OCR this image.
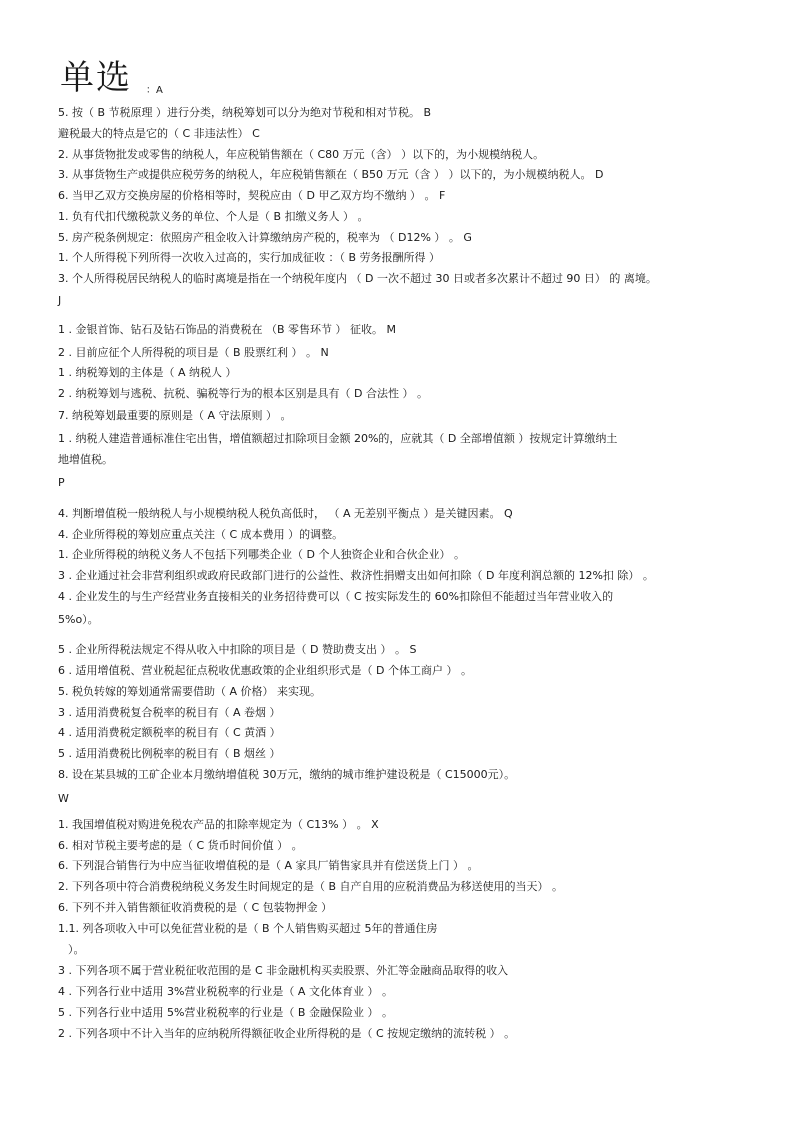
单选 ：A
5. 按（ B 节税原理 ）进行分类，纳税筹划可以分为绝对节税和相对节税。 B
避税最大的特点是它的（ C 非违法性） C
2. 从事货物批发或零售的纳税人，年应税销售额在（ C80 万元（含） ）以下的，为小规模纳税人。
3. 从事货物生产或提供应税劳务的纳税人，年应税销售额在（ B50 万元（含 ） ）以下的，为小规模纳税人。 D
6. 当甲乙双方交换房屋的价格相等时，契税应由（ D 甲乙双方均不缴纳 ） 。 F
1. 负有代扣代缴税款义务的单位、个人是（ B 扣缴义务人 ） 。
5. 房产税条例规定：依照房产租金收入计算缴纳房产税的，税率为 （ D12% ） 。 G
1. 个人所得税下列所得一次收入过高的，实行加成征收 ：（ B 劳务报酬所得 ）
3. 个人所得税居民纳税人的临时离境是指在一个纳税年度内 （ D 一次不超过 30 日或者多次累计不超过 90 日） 的 离境。
J
1 . 金银首饰、钻石及钻石饰品的消费税在 （B 零售环节 ） 征收。 M
2 . 目前应征个人所得税的项目是（ B 股票红利 ） 。 N
1 . 纳税筹划的主体是（ A 纳税人 ）
2 . 纳税筹划与逃税、抗税、骗税等行为的根本区别是具有（ D 合法性 ） 。
7. 纳税筹划最重要的原则是（ A 守法原则 ） 。
1 . 纳税人建造普通标准住宅出售，增值额超过扣除项目金额 20%的，应就其（ D 全部增值额 ）按规定计算缴纳土
地增值税。
P
4. 判断增值税一般纳税人与小规模纳税人税负高低时， （ A 无差别平衡点 ）是关键因素。 Q
4. 企业所得税的筹划应重点关注（ C 成本费用 ）的调整。
1. 企业所得税的纳税义务人不包括下列哪类企业（ D 个人独资企业和合伙企业） 。
3 . 企业通过社会非营利组织或政府民政部门进行的公益性、救济性捐赠支出如何扣除（ D 年度利润总额的 12%扣 除） 。
4 . 企业发生的与生产经营业务直接相关的业务招待费可以（ C 按实际发生的 60%扣除但不能超过当年营业收入的
5%o）。
5 . 企业所得税法规定不得从收入中扣除的项目是（ D 赞助费支出 ） 。 S
6 . 适用增值税、营业税起征点税收优惠政策的企业组织形式是（ D 个体工商户 ） 。
5. 税负转嫁的筹划通常需要借助（ A 价格） 来实现。
3 . 适用消费税复合税率的税目有（ A 卷烟 ）
4 . 适用消费税定额税率的税目有（ C 黄酒 ）
5 . 适用消费税比例税率的税目有（ B 烟丝 ）
8. 设在某县城的工矿企业本月缴纳增值税 30万元，缴纳的城市维护建设税是（ C15000元）。
W
1. 我国增值税对购进免税农产品的扣除率规定为（ C13% ） 。 X
6. 相对节税主要考虑的是（ C 货币时间价值 ） 。
6. 下列混合销售行为中应当征收增值税的是（ A 家具厂销售家具并有偿送货上门 ） 。
2. 下列各项中符合消费税纳税义务发生时间规定的是（ B 自产自用的应税消费品为移送使用的当天） 。
6. 下列不并入销售额征收消费税的是（ C 包装物押金 ）
1.1. 列各项收入中可以免征营业税的是（ B 个人销售购买超过 5年的普通住房
）。
3 . 下列各项不属于营业税征收范围的是 C 非金融机构买卖股票、外汇等金融商品取得的收入
4 . 下列各行业中适用 3%营业税税率的行业是（ A 文化体育业 ） 。
5 . 下列各行业中适用 5%营业税税率的行业是（ B 金融保险业 ） 。
2 . 下列各项中不计入当年的应纳税所得额征收企业所得税的是（ C 按规定缴纳的流转税 ） 。
